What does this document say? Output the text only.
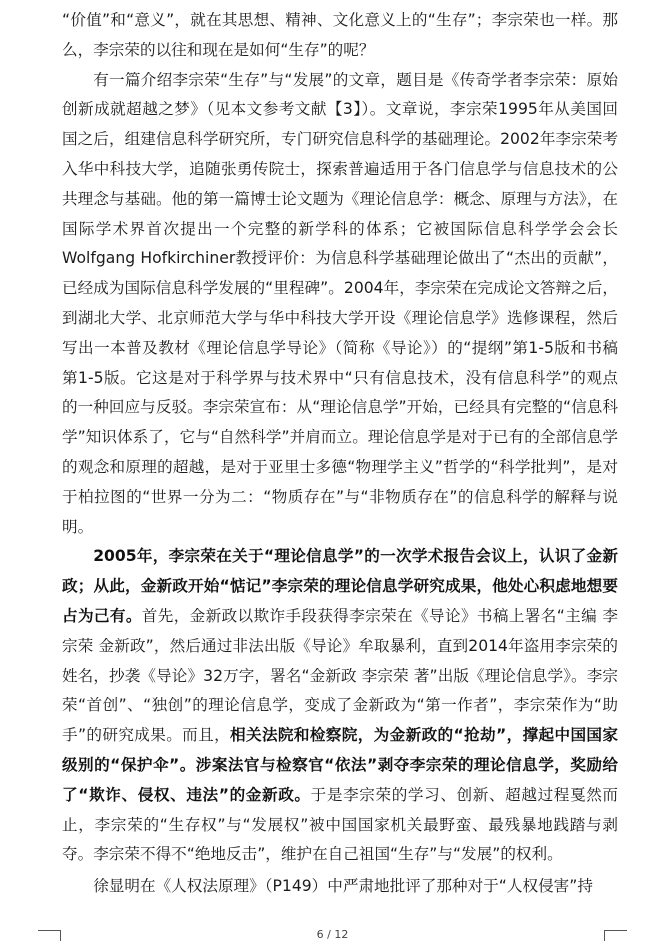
“价值”和“意义”，就在其思想、精神、文化意义上的“生存”；李宗荣也一样。那么，李宗荣的以往和现在是如何“生存”的呢？

有一篇介绍李宗荣“生存”与“发展”的文章，题目是《传奇学者李宗荣：原始创新成就超越之梦》（见本文参考文献【3】）。文章说，李宗荣1995年从美国回国之后，组建信息科学研究所，专门研究信息科学的基础理论。2002年李宗荣考入华中科技大学，追随张勇传院士，探索普遍适用于各门信息学与信息技术的公共理念与基础。他的第一篇博士论文题为《理论信息学：概念、原理与方法》，在国际学术界首次提出一个完整的新学科的体系；它被国际信息科学学会会长Wolfgang Hofkirchiner教授评价：为信息科学基础理论做出了“杰出的贡献”，已经成为国际信息科学发展的“里程碑”。2004年，李宗荣在完成论文答辩之后，到湖北大学、北京师范大学与华中科技大学开设《理论信息学》选修课程，然后写出一本普及教材《理论信息学导论》（简称《导论》）的“提纲”第1-5版和书稿第1-5版。它这是对于科学界与技术界中“只有信息技术，没有信息科学”的观点的一种回应与反驳。李宗荣宣布：从“理论信息学”开始，已经具有完整的“信息科学”知识体系了，它与“自然科学”并肩而立。理论信息学是对于已有的全部信息学的观念和原理的超越，是对于亚里士多德“物理学主义”哲学的“科学批判”，是对于柏拉图的“世界一分为二：“物质存在”与“非物质存在”的信息科学的解释与说明。

2005年，李宗荣在关于“理论信息学”的一次学术报告会议上，认识了金新政；从此，金新政开始“惦记”李宗荣的理论信息学研究成果，他处心积虑地想要占为己有。首先，金新政以欺诈手段获得李宗荣在《导论》书稿上署名“主编 李宗荣 金新政”，然后通过非法出版《导论》牟取暴利，直到2014年盗用李宗荣的姓名，抄袭《导论》32万字，署名“金新政 李宗荣 著”出版《理论信息学》。李宗荣“首创”、“独创”的理论信息学，变成了金新政为“第一作者”，李宗荣作为“助手”的研究成果。而且，相关法院和检察院，为金新政的“抢劫”，撑起中国国家级别的“保护伞”。涉案法官与检察官“依法”剥夺李宗荣的理论信息学，奖励给了“欺诈、侵权、违法”的金新政。于是李宗荣的学习、创新、超越过程戛然而止，李宗荣的“生存权”与“发展权”被中国国家机关最野蛮、最残暴地践踏与剥夺。李宗荣不得不“绝地反击”，维护在自己祖国“生存”与“发展”的权利。

徐显明在《人权法原理》（P149）中严肃地批评了那种对于“人权侵害”持

6 / 12
